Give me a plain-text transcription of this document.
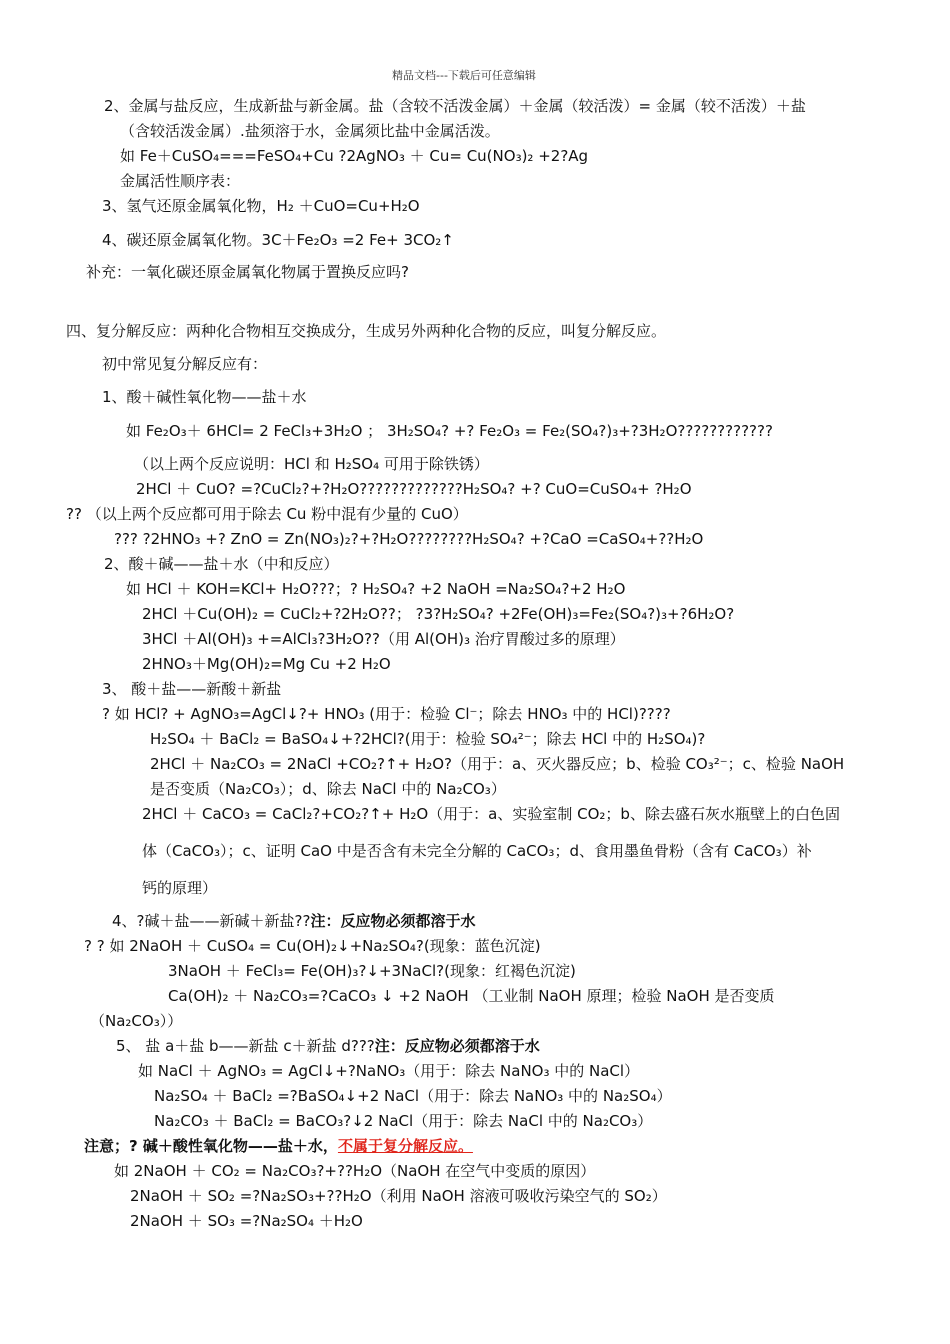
精品文档---下载后可任意编辑
2、金属与盐反应，生成新盐与新金属。盐（含较不活泼金属）＋金属（较活泼）= 金属（较不活泼）＋盐
（含较活泼金属）.盐须溶于水，金属须比盐中金属活泼。
如 Fe＋CuSO₄===FeSO₄+Cu ?2AgNO₃ ＋ Cu= Cu(NO₃)₂ +2?Ag
金属活性顺序表：
3、氢气还原金属氧化物，H₂ ＋CuO=Cu+H₂O
4、碳还原金属氧化物。3C＋Fe₂O₃ =2 Fe+ 3CO₂↑
补充：一氧化碳还原金属氧化物属于置换反应吗?
四、复分解反应：两种化合物相互交换成分，生成另外两种化合物的反应，叫复分解反应。
初中常见复分解反应有：
1、酸＋碱性氧化物——盐＋水
如 Fe₂O₃＋ 6HCl= 2 FeCl₃+3H₂O ； 3H₂SO₄? +? Fe₂O₃ = Fe₂(SO₄?)₃+?3H₂O????????????
（以上两个反应说明：HCl 和 H₂SO₄ 可用于除铁锈）
2HCl ＋ CuO? =?CuCl₂?+?H₂O?????????????H₂SO₄? +? CuO=CuSO₄+ ?H₂O
?? （以上两个反应都可用于除去 Cu 粉中混有少量的 CuO）
??? ?2HNO₃ +? ZnO = Zn(NO₃)₂?+?H₂O????????H₂SO₄? +?CaO =CaSO₄+??H₂O
2、酸＋碱——盐＋水（中和反应）
如 HCl ＋ KOH=KCl+ H₂O???；? H₂SO₄? +2 NaOH =Na₂SO₄?+2 H₂O
2HCl ＋Cu(OH)₂ = CuCl₂+?2H₂O??； ?3?H₂SO₄? +2Fe(OH)₃=Fe₂(SO₄?)₃+?6H₂O?
3HCl ＋Al(OH)₃ +=AlCl₃?3H₂O??（用 Al(OH)₃ 治疗胃酸过多的原理）
2HNO₃＋Mg(OH)₂=Mg Cu +2 H₂O
3、 酸＋盐——新酸＋新盐
? 如 HCl? + AgNO₃=AgCl↓?+ HNO₃ (用于：检验 Cl⁻；除去 HNO₃ 中的 HCl)????
H₂SO₄ ＋ BaCl₂ = BaSO₄↓+?2HCl?(用于：检验 SO₄²⁻；除去 HCl 中的 H₂SO₄)?
2HCl ＋ Na₂CO₃ = 2NaCl +CO₂?↑+ H₂O?（用于：a、灭火器反应；b、检验 CO₃²⁻；c、检验 NaOH
是否变质（Na₂CO₃）；d、除去 NaCl 中的 Na₂CO₃）
2HCl ＋ CaCO₃ = CaCl₂?+CO₂?↑+ H₂O（用于：a、实验室制 CO₂；b、除去盛石灰水瓶壁上的白色固
体（CaCO₃）；c、证明 CaO 中是否含有未完全分解的 CaCO₃；d、食用墨鱼骨粉（含有 CaCO₃）补
钙的原理）
4、?碱＋盐——新碱＋新盐??注：反应物必须都溶于水
? ? 如 2NaOH ＋ CuSO₄ = Cu(OH)₂↓+Na₂SO₄?(现象：蓝色沉淀)
3NaOH ＋ FeCl₃= Fe(OH)₃?↓+3NaCl?(现象：红褐色沉淀)
Ca(OH)₂ ＋ Na₂CO₃=?CaCO₃ ↓ +2 NaOH （工业制 NaOH 原理；检验 NaOH 是否变质
（Na₂CO₃））
5、 盐 a＋盐 b——新盐 c＋新盐 d???注：反应物必须都溶于水
如 NaCl ＋ AgNO₃ = AgCl↓+?NaNO₃（用于：除去 NaNO₃ 中的 NaCl）
Na₂SO₄ ＋ BaCl₂ =?BaSO₄↓+2 NaCl（用于：除去 NaNO₃ 中的 Na₂SO₄）
Na₂CO₃ ＋ BaCl₂ = BaCO₃?↓2 NaCl（用于：除去 NaCl 中的 Na₂CO₃）
注意；? 碱＋酸性氧化物——盐＋水，不属于复分解反应。
如 2NaOH ＋ CO₂ = Na₂CO₃?+??H₂O（NaOH 在空气中变质的原因）
2NaOH ＋ SO₂ =?Na₂SO₃+??H₂O（利用 NaOH 溶液可吸收污染空气的 SO₂）
2NaOH ＋ SO₃ =?Na₂SO₄ ＋H₂O
